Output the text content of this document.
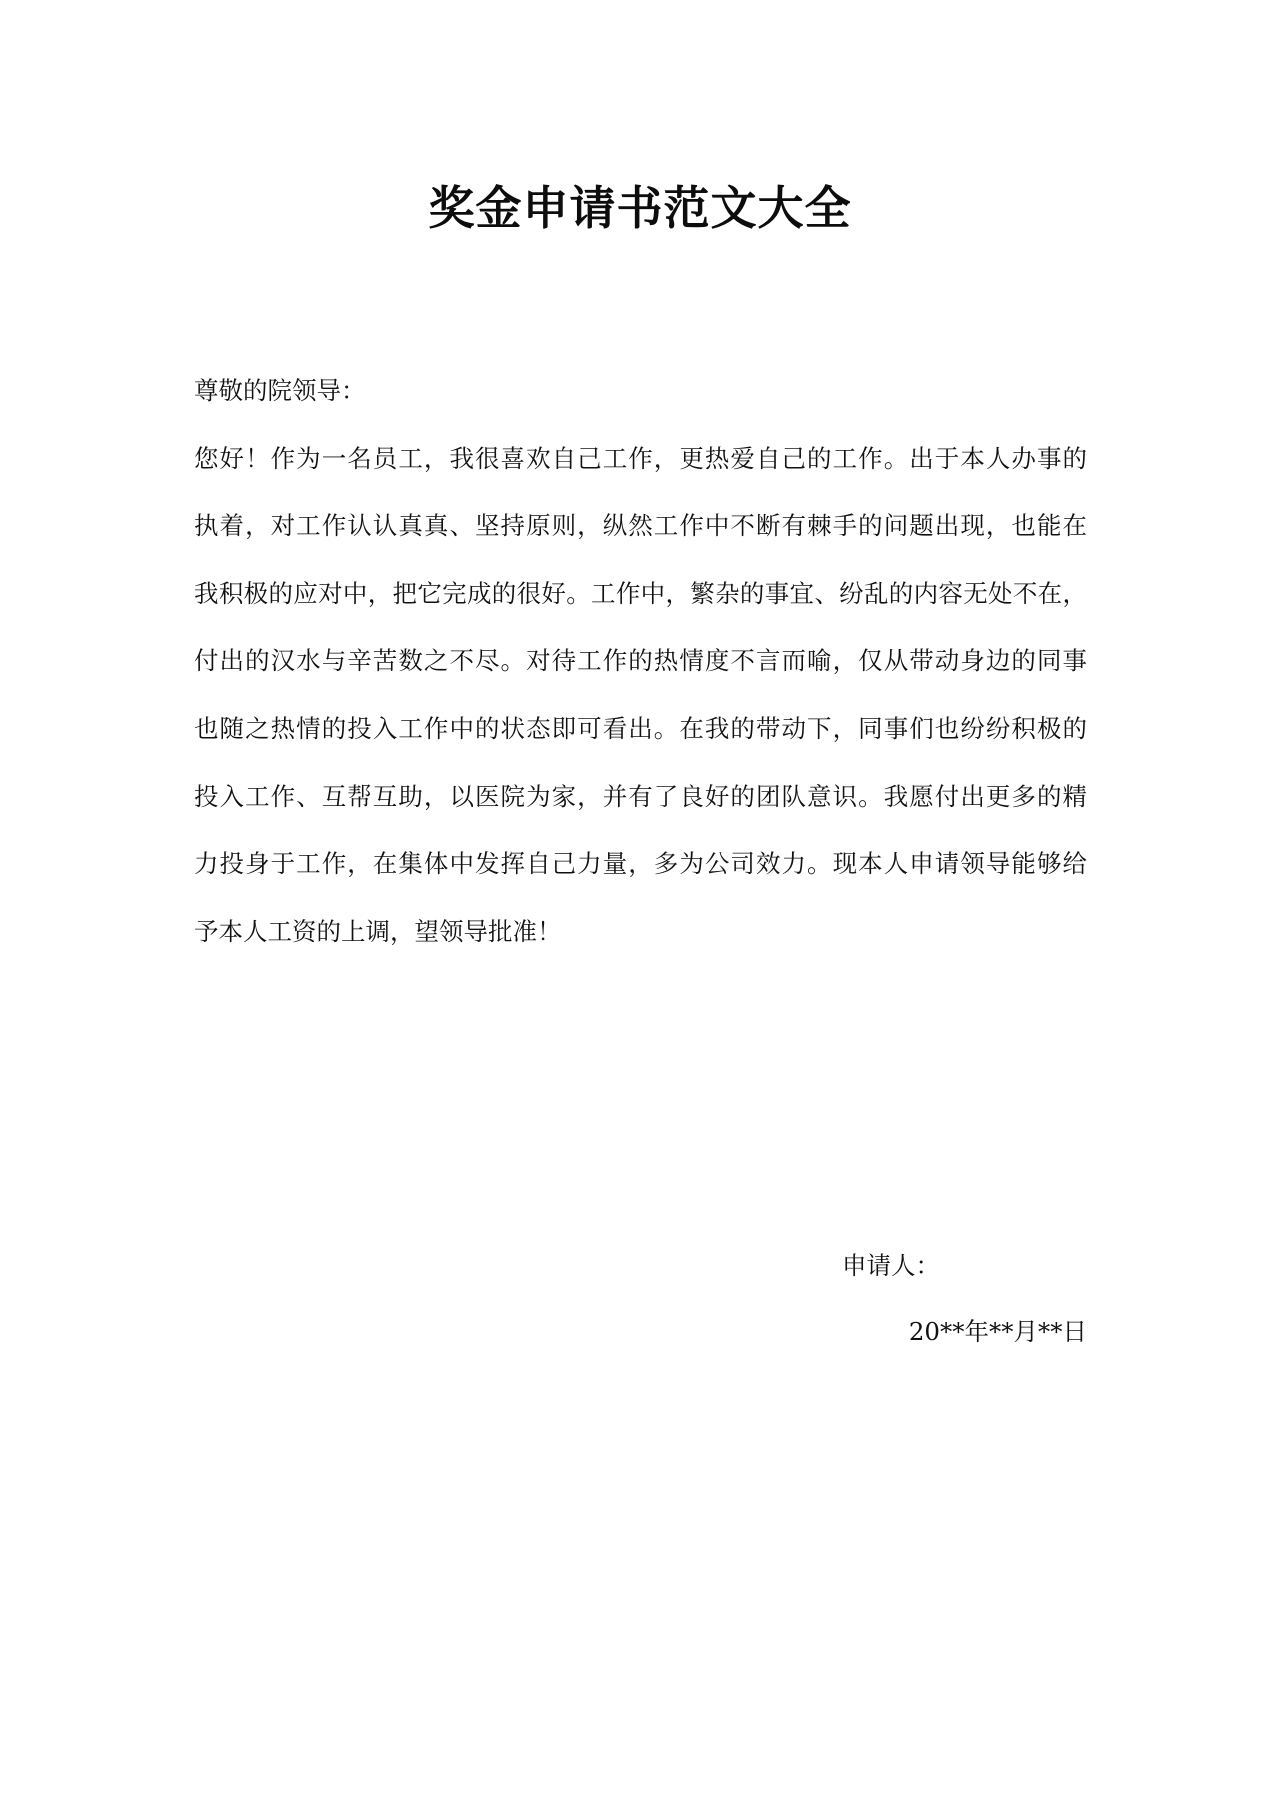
奖金申请书范文大全
尊敬的院领导：
您好！作为一名员工，我很喜欢自己工作，更热爱自己的工作。出于本人办事的
执着，对工作认认真真、坚持原则，纵然工作中不断有棘手的问题出现，也能在
我积极的应对中，把它完成的很好。工作中，繁杂的事宜、纷乱的内容无处不在，
付出的汉水与辛苦数之不尽。对待工作的热情度不言而喻，仅从带动身边的同事
也随之热情的投入工作中的状态即可看出。在我的带动下，同事们也纷纷积极的
投入工作、互帮互助，以医院为家，并有了良好的团队意识。我愿付出更多的精
力投身于工作，在集体中发挥自己力量，多为公司效力。现本人申请领导能够给
予本人工资的上调，望领导批准！
申请人：
20**年**月**日
